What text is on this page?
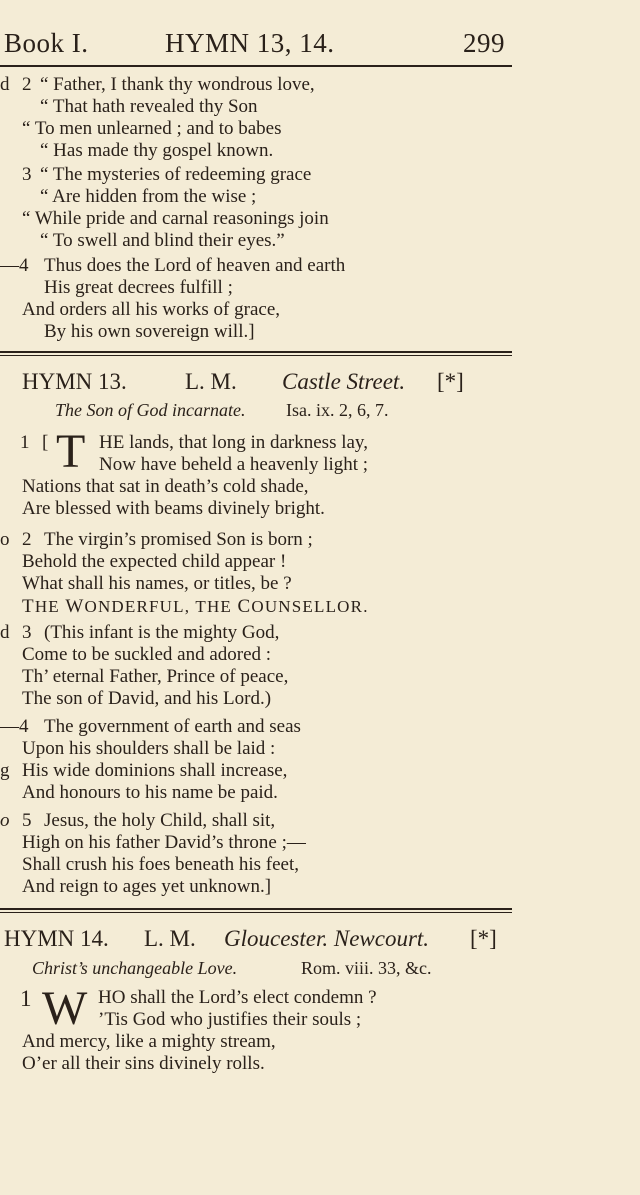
Book I.	HYMN 13, 14.	299
d 2 “ Father, I thank thy wondrous love,
“ That hath revealed thy Son
“ To men unlearned ; and to babes
“ Has made thy gospel known.
3 “ The mysteries of redeeming grace
“ Are hidden from the wise ;
“ While pride and carnal reasonings join
“ To swell and blind their eyes.”
—4 Thus does the Lord of heaven and earth
His great decrees fulfill ;
And orders all his works of grace,
By his own sovereign will.]
HYMN 13.	L. M. Castle Street. [*]
The Son of God incarnate. Isa. ix. 2, 6, 7.
1 [ T HE lands, that long in darkness lay,
Now have beheld a heavenly light ;
Nations that sat in death’s cold shade,
Are blessed with beams divinely bright.
o 2 The virgin’s promised Son is born ;
Behold the expected child appear !
What shall his names, or titles, be ?
THE WONDERFUL, THE COUNSELLOR.
d 3 (This infant is the mighty God,
Come to be suckled and adored :
Th’ eternal Father, Prince of peace,
The son of David, and his Lord.)
—4 The government of earth and seas
Upon his shoulders shall be laid :
g His wide dominions shall increase,
And honours to his name be paid.
o 5 Jesus, the holy Child, shall sit,
High on his father David’s throne ;—
Shall crush his foes beneath his feet,
And reign to ages yet unknown.]
HYMN 14. L. M. Gloucester. Newcourt. [*]
Christ’s unchangeable Love.	Rom. viii. 33, &c.
1 W HO shall the Lord’s elect condemn ?
’Tis God who justifies their souls ;
And mercy, like a mighty stream,
O’er all their sins divinely rolls.
